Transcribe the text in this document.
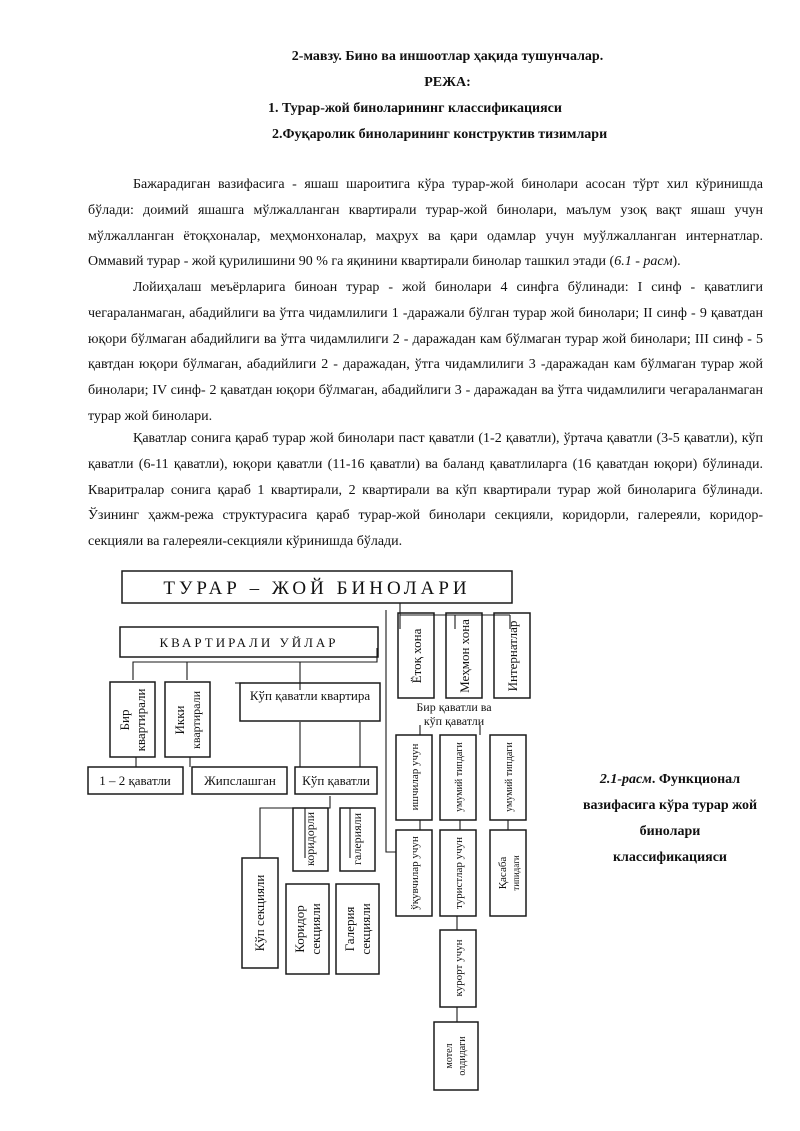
2-мавзу. Бино ва иншоотлар ҳақида тушунчалар.
РЕЖА:
1. Турар-жой биноларининг классификацияси
2.Фуқаролик биноларининг конструктив тизимлари

Бажарадиган вазифасига - яшаш шароитига кўра турар-жой бинолари асосан тўрт хил кўринишда бўлади: доимий яшашга мўлжалланган квартирали турар-жой бинолари, маълум узоқ вақт яшаш учун мўлжалланган ётоқхоналар, меҳмонхоналар, маҳрух ва қари одамлар учун муўлжалланган интернатлар. Оммавий турар - жой қурилишини 90 % га яқинини квартирали бинолар ташкил этади (6.1 - расм).

Лойиҳалаш меъёрларига биноан турар - жой бинолари 4 синфга бўлинади: I синф - қаватлиги чегараланмаган, абадийлиги ва ўтга чидамлилиги 1 -даражали бўлган турар жой бинолари; II синф - 9 қаватдан юқори бўлмаган абадийлиги ва ўтга чидамлилиги 2 - даражадан кам бўлмаган турар жой бинолари; III синф - 5 қавтдан юқори бўлмаган, абадийлиги 2 - даражадан, ўтга чидамлилиги 3 -даражадан кам бўлмаган турар жой бинолари; IV синф- 2 қаватдан юқори бўлмаган, абадийлиги 3 - даражадан ва ўтга чидамлилиги чегараланмаган турар жой бинолари.

Қаватлар сонига қараб турар жой бинолари паст қаватли (1-2 қаватли), ўртача қаватли (3-5 қаватли), кўп қаватли (6-11 қаватли), юқори қаватли (11-16 қаватли) ва баланд қаватлиларга (16 қаватдан юқори) бўлинади. Кваритралар сонига қараб 1 квартирали, 2 квартирали ва кўп квартирали турар жой биноларига бўлинади. Ўзининг ҳажм-режа структурасига қараб турар-жой бинолари секцияли, коридорли, галереяли, коридор-секцияли ва галереяли-секцияли кўринишда бўлади.

ТУРАР – ЖОЙ БИНОЛАРИ
КВАРТИРАЛИ УЙЛАР	Ётоқ хона	Меҳмон хона	Интернатлар
Бир квартирали Икки квартирали	Кўп қаватли квартира
Бир қаватли ва
кўп қаватли
1 – 2 қаватли	Жипслашган Кўп қаватли	ишчилар учун	умумий типдаги	умумий типдаги
коридорли	галерияли	ўқувчилар учун	туристлар учун	Қасаба типидаги
Кўп секцияли Коридор секцияли Галерия секцияли
курорт учун
мотел олдидаги
2.1-расм. Функционал
вазифасига кўра турар жой
бинолари
классификацияси
